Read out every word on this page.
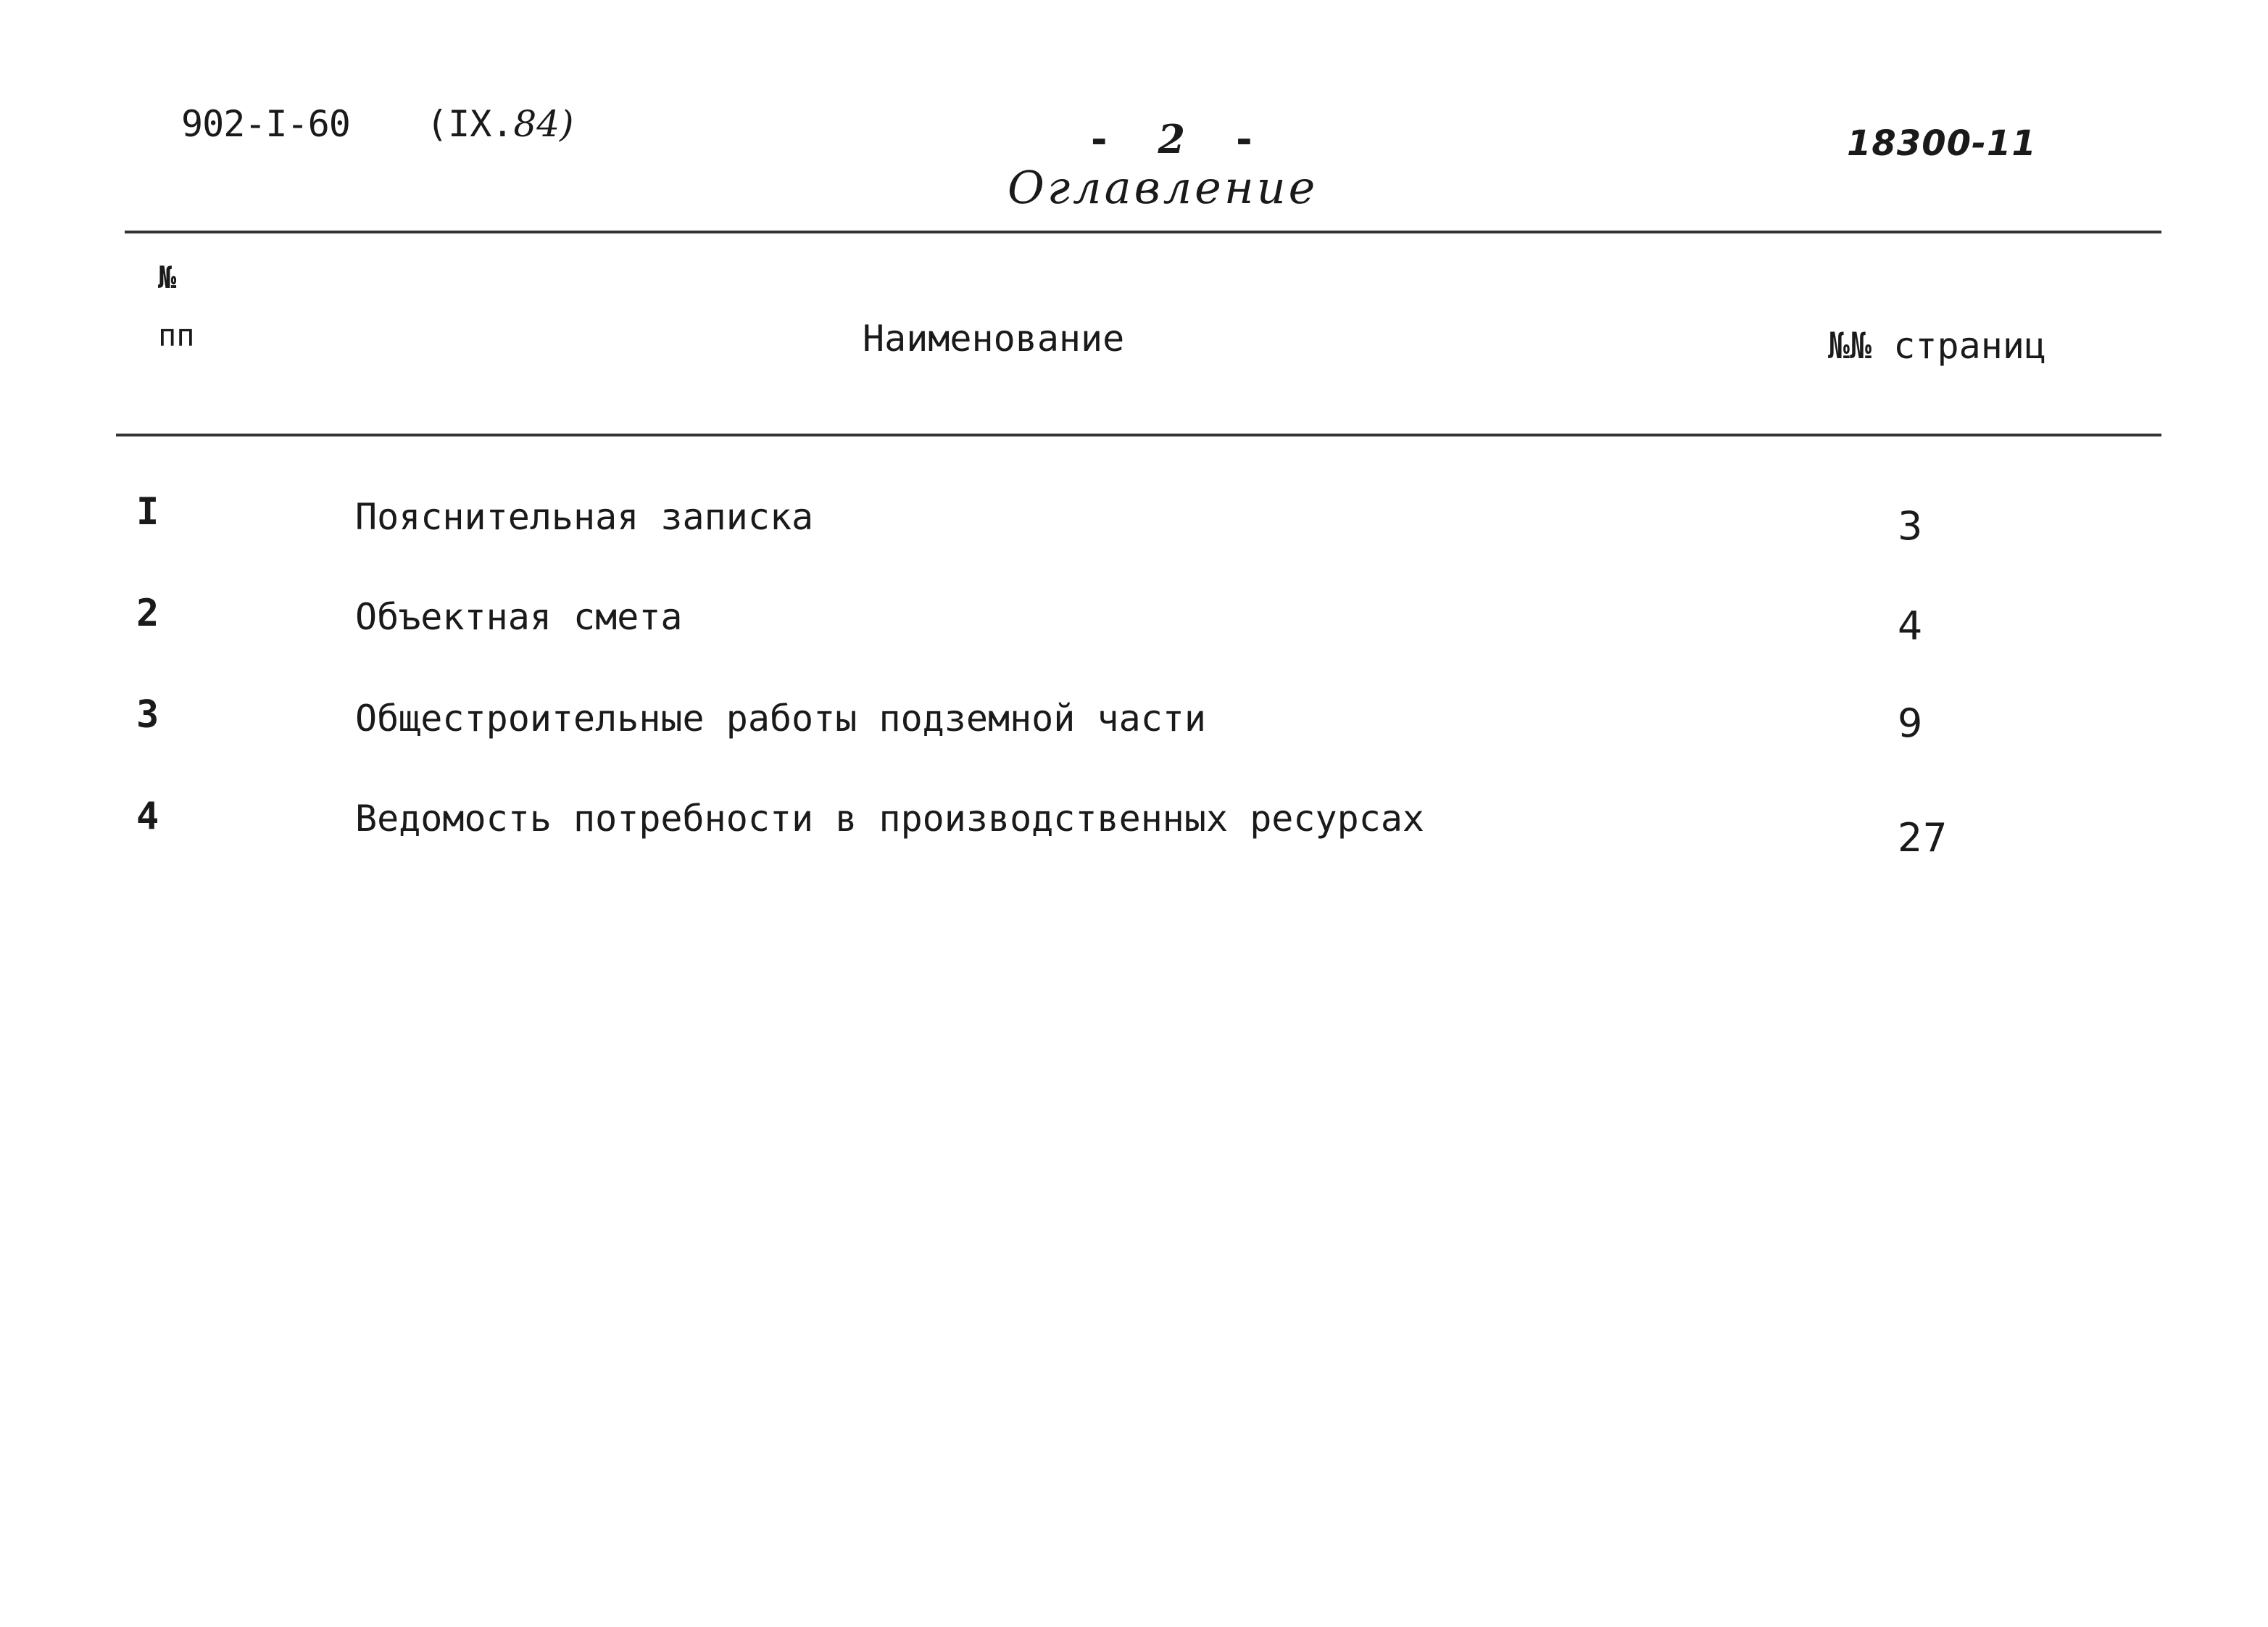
902-I-60 (IX.84)	- 2 -	18300-11
Оглавление
№
пп	Наименование	№№ страниц
I	Пояснительная записка	3
2	Объектная смета	4
3	Общестроительные работы подземной части	9
4	Ведомость потребности в производственных ресурсах	27
